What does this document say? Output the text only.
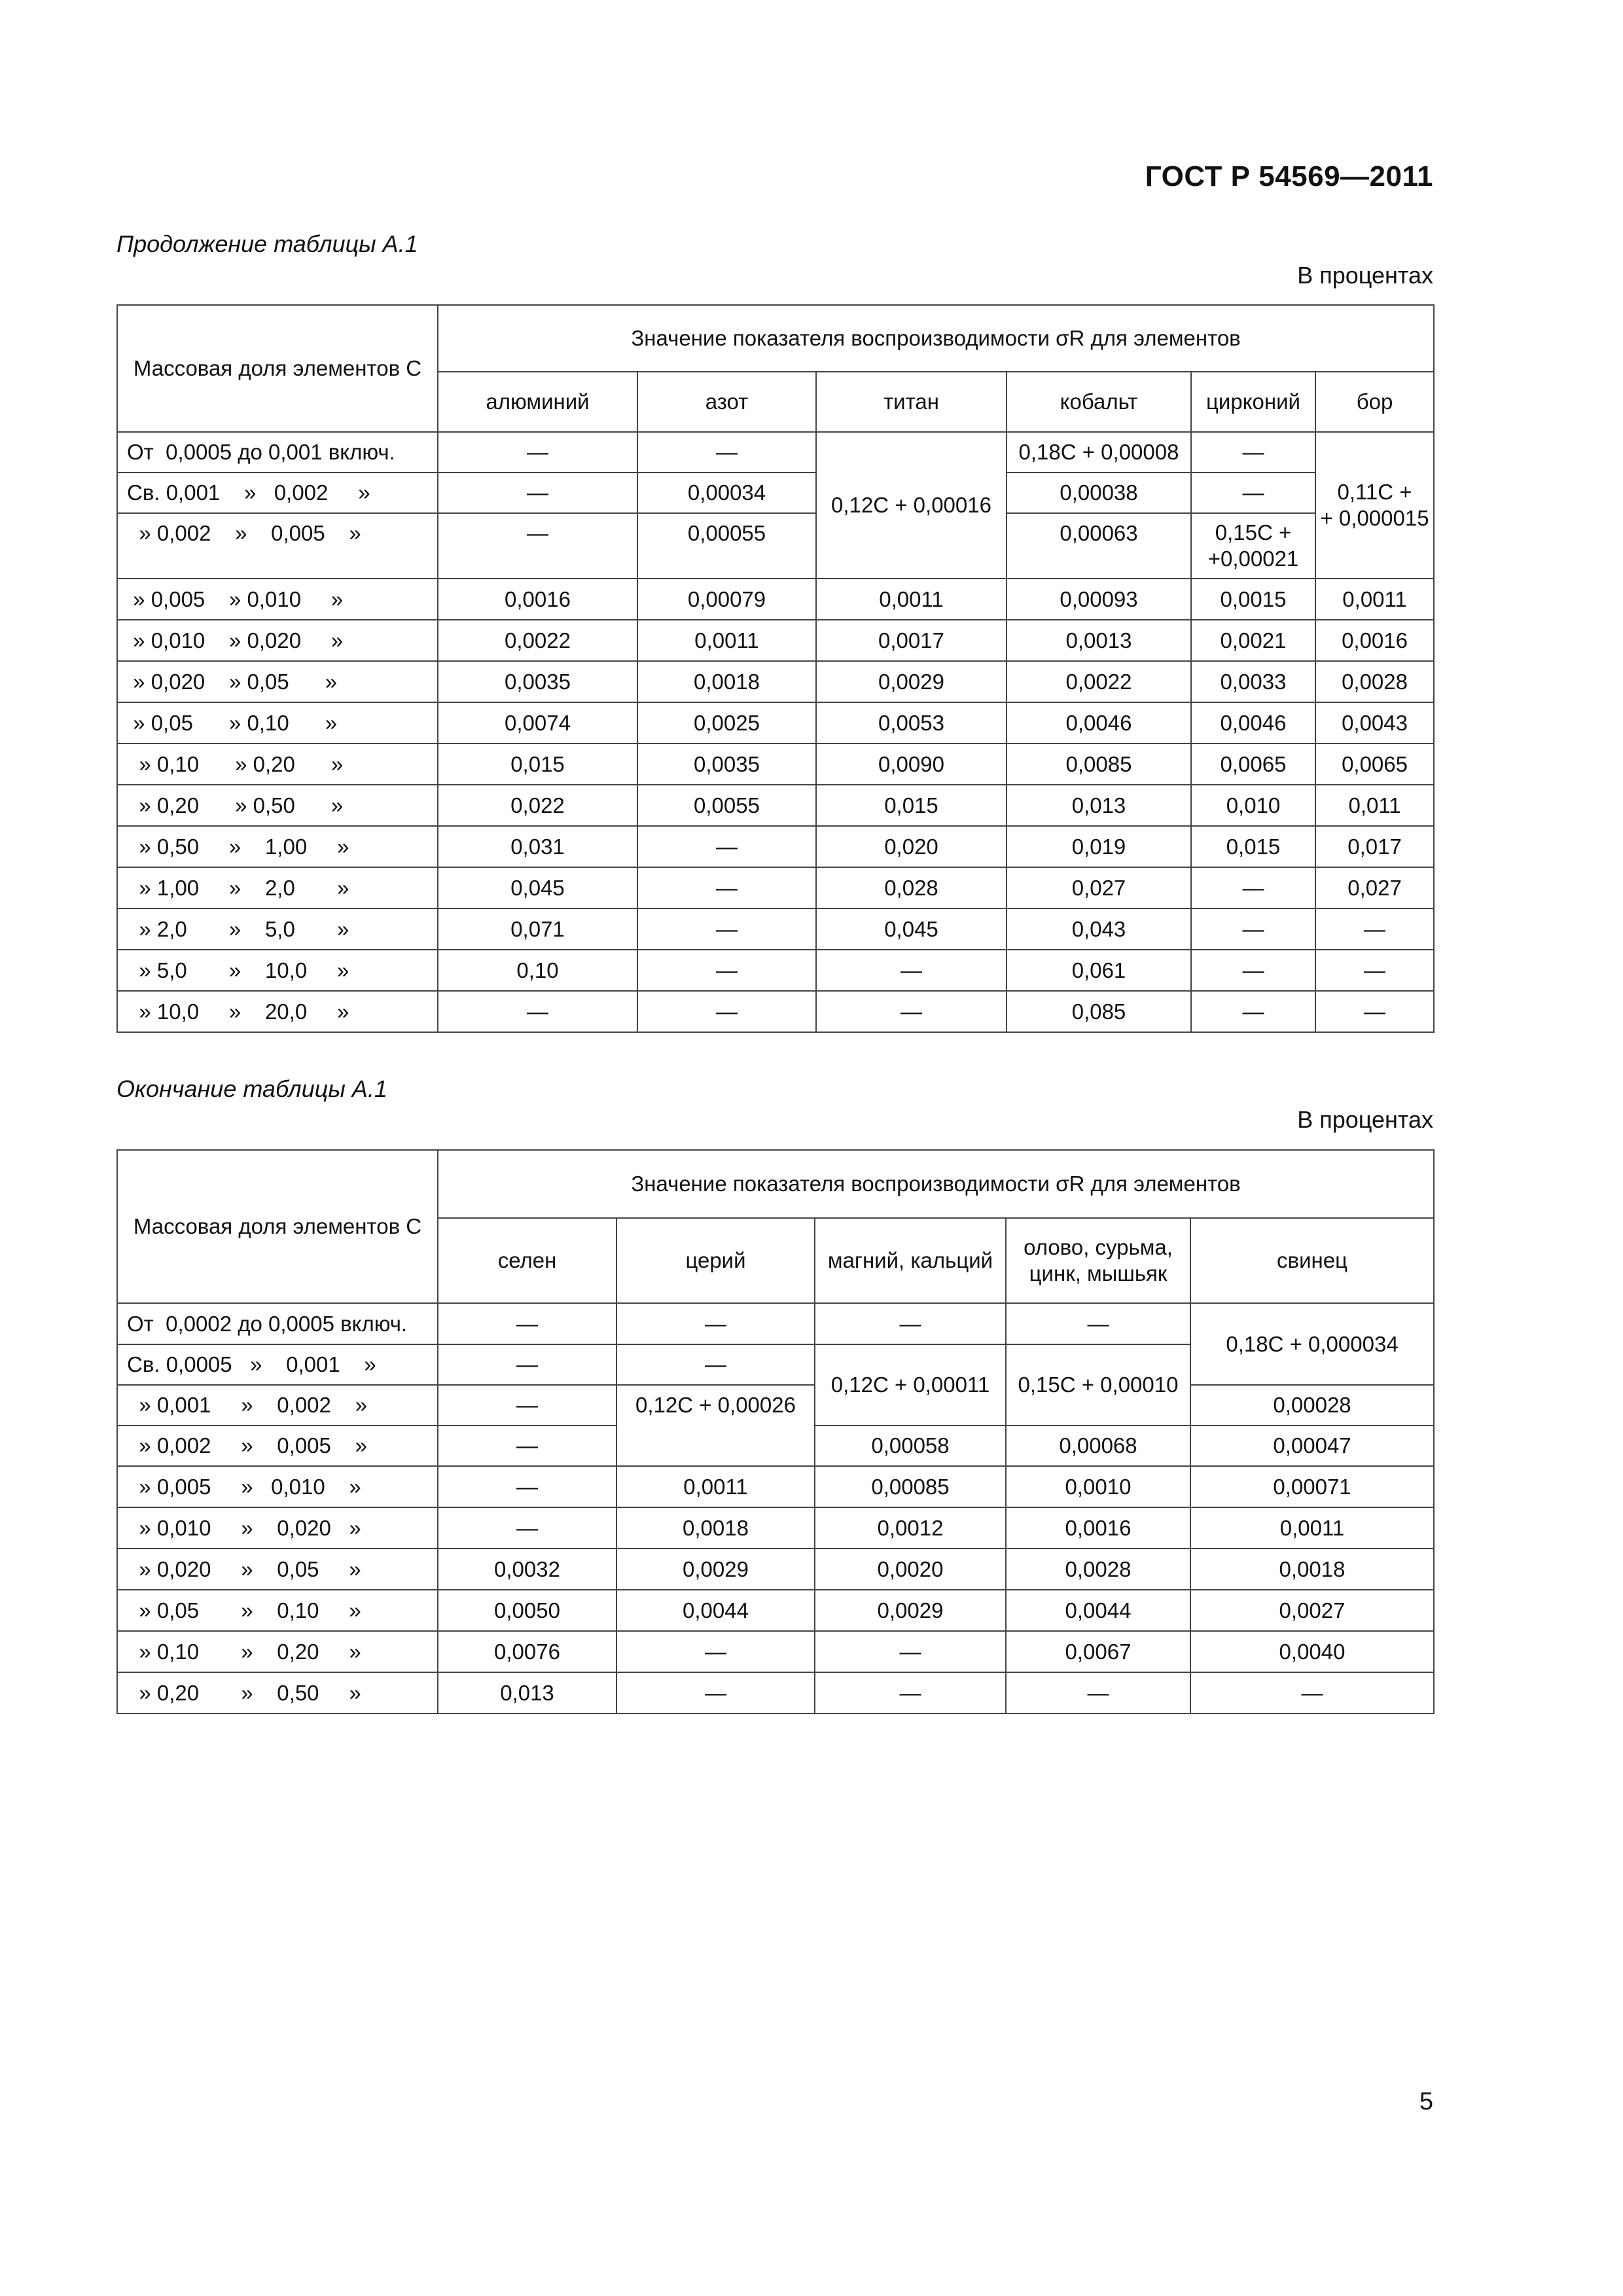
ГОСТ Р 54569—2011
Продолжение таблицы А.1
В процентах
Массовая доля элементов C	Значение показателя воспроизводимости σR для элементов					
	алюминий	азот	титан	кобальт	цирконий	бор
От  0,0005 до 0,001 включ.	—	—	0,12C + 0,00016	0,18C + 0,00008	—	0,11C +
+ 0,000015
Св. 0,001    »   0,002     »	—	0,00034		0,00038	—	
» 0,002    »    0,005    »	—	0,00055		0,00063	0,15C +
+0,00021	
» 0,005    » 0,010     »	0,0016	0,00079	0,0011	0,00093	0,0015	0,0011
» 0,010    » 0,020     »	0,0022	0,0011	0,0017	0,0013	0,0021	0,0016
» 0,020    » 0,05      »	0,0035	0,0018	0,0029	0,0022	0,0033	0,0028
» 0,05      » 0,10      »	0,0074	0,0025	0,0053	0,0046	0,0046	0,0043
» 0,10      » 0,20      »	0,015	0,0035	0,0090	0,0085	0,0065	0,0065
» 0,20      » 0,50      »	0,022	0,0055	0,015	0,013	0,010	0,011
» 0,50     »    1,00     »	0,031	—	0,020	0,019	0,015	0,017
» 1,00     »    2,0       »	0,045	—	0,028	0,027	—	0,027
» 2,0       »    5,0       »	0,071	—	0,045	0,043	—	—
» 5,0       »    10,0     »	0,10	—	—	0,061	—	—
» 10,0     »    20,0     »	—	—	—	0,085	—	—
Окончание таблицы А.1
В процентах
Массовая доля элементов C	Значение показателя воспроизводимости σR для элементов				
	селен	церий	магний, кальций	олово, сурьма,
цинк, мышьяк	свинец
От  0,0002 до 0,0005 включ.	—	—	—	—	0,18C + 0,000034
Св. 0,0005   »    0,001    »	—	—	0,12C + 0,00011	0,15C + 0,00010	
» 0,001     »    0,002    »	—	0,12C + 0,00026			0,00028
» 0,002     »    0,005    »	—		0,00058	0,00068	0,00047
» 0,005     »   0,010    »	—	0,0011	0,00085	0,0010	0,00071
» 0,010     »    0,020   »	—	0,0018	0,0012	0,0016	0,0011
» 0,020     »    0,05     »	0,0032	0,0029	0,0020	0,0028	0,0018
» 0,05       »    0,10     »	0,0050	0,0044	0,0029	0,0044	0,0027
» 0,10       »    0,20     »	0,0076	—	—	0,0067	0,0040
» 0,20       »    0,50     »	0,013	—	—	—	—
5
